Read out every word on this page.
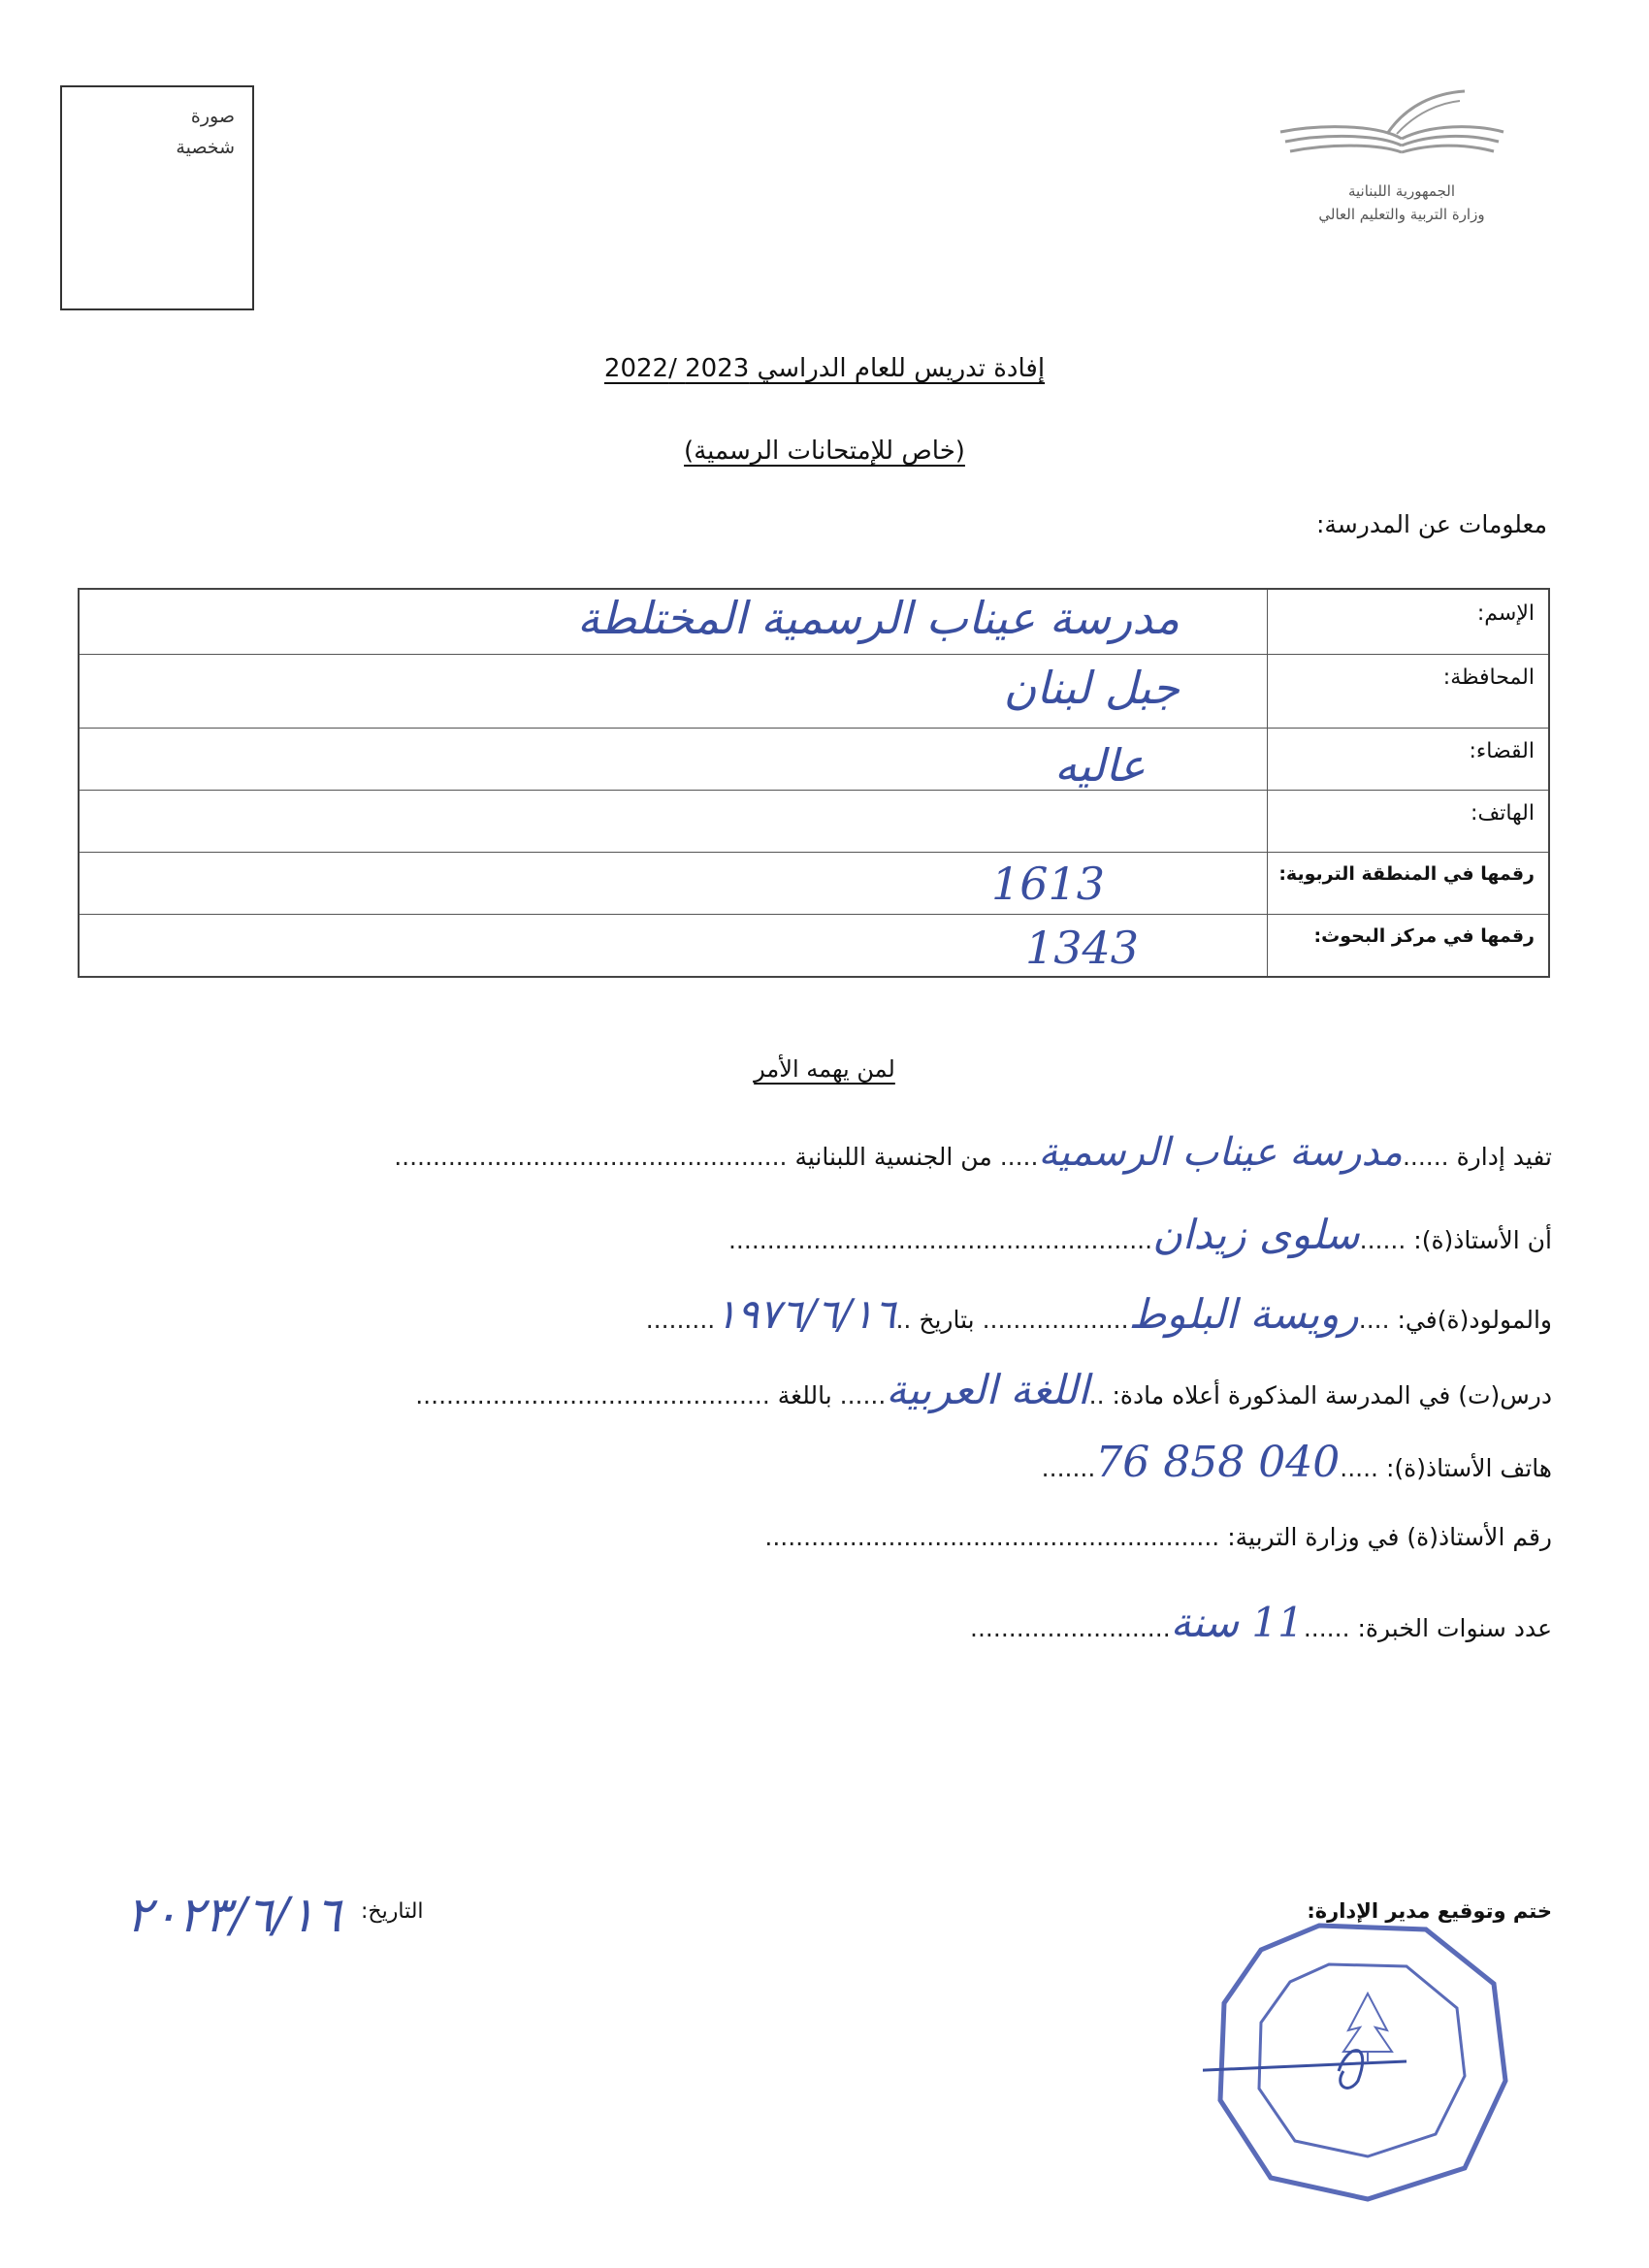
صورة
شخصية
الجمهورية اللبنانية
وزارة التربية والتعليم العالي
إفادة تدريس للعام الدراسي 2023 /2022
(خاص للإمتحانات الرسمية)
معلومات عن المدرسة:
الإسم:
مدرسة عيناب الرسمية المختلطة
المحافظة:
جبل لبنان
القضاء:
عاليه
الهاتف:
رقمها في المنطقة التربوية:
1613
رقمها في مركز البحوث:
1343
لمن يهمه الأمر
تفيد إدارة ......مدرسة عيناب الرسمية..... من الجنسية اللبنانية ...................................................
أن الأستاذ(ة): ......سلوى زيدان.......................................................
والمولود(ة)في: ....رويسة البلوط................... بتاريخ ..١٩٧٦/٦/١٦.........
درس(ت) في المدرسة المذكورة أعلاه مادة: ..اللغة العربية...... باللغة ..............................................
هاتف الأستاذ(ة): .....76 858 040.......
رقم الأستاذ(ة) في وزارة التربية: ...........................................................
عدد سنوات الخبرة: ......11 سنة..........................
ختم وتوقيع مدير الإدارة:
التاريخ:
٢٠٢٣/٦/١٦
